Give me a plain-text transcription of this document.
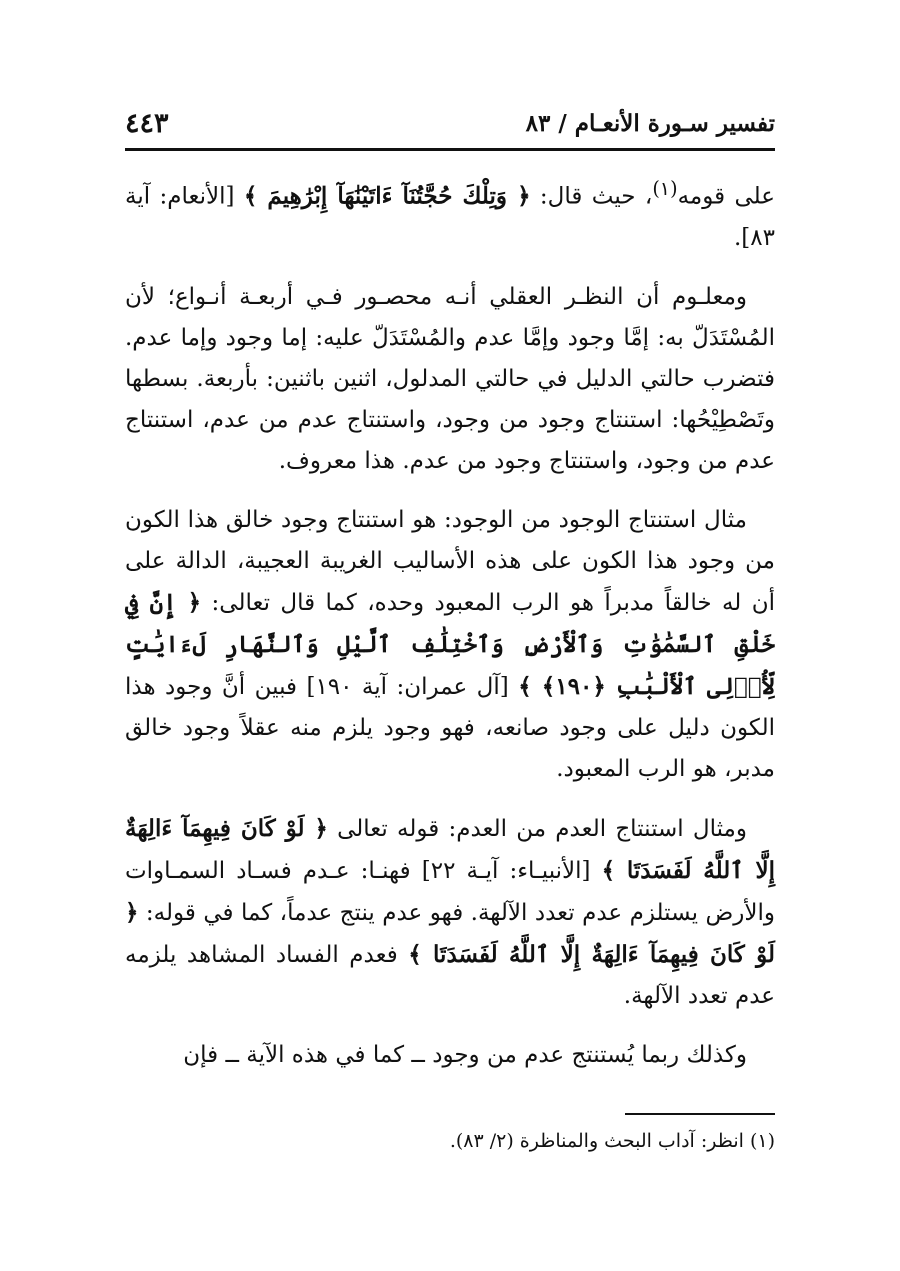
تفسير سـورة الأنعـام / ٨٣
٤٤٣

على قومه$^{(١)}$، حيث قال: ﴿ وَتِلْكَ حُجَّتُنَآ ءَاتَيْنَٰهَآ إِبْرَٰهِيمَ ﴾ [الأنعام: آية ٨٣].

ومعلـوم أن النظـر العقلي أنـه محصـور فـي أربعـة أنـواع؛ لأن المُسْتَدَلّ به: إمَّا وجود وإمَّا عدم والمُسْتَدَلّ عليه: إما وجود وإما عدم. فتضرب حالتي الدليل في حالتي المدلول، اثنين باثنين: بأربعة. بسطها وتَصْطِيْحُها: استنتاج وجود من وجود، واستنتاج عدم من عدم، استنتاج عدم من وجود، واستنتاج وجود من عدم. هذا معروف.

مثال استنتاج الوجود من الوجود: هو استنتاج وجود خالق هذا الكون من وجود هذا الكون على هذه الأساليب الغريبة العجيبة، الدالة على أن له خالقاً مدبراً هو الرب المعبود وحده، كما قال تعالى: ﴿ إِنَّ فِي خَلْقِ ٱلسَّمَٰوَٰتِ وَٱلْأَرْضِ وَٱخْتِلَٰفِ ٱلَّيْلِ وَٱلنَّهَارِ لَءَايَٰتٍ لِّأُو۟لِى ٱلْأَلْبَٰبِ ﴿١٩٠﴾ ﴾ [آل عمران: آية ١٩٠] فبين أنَّ وجود هذا الكون دليل على وجود صانعه، فهو وجود يلزم منه عقلاً وجود خالق مدبر، هو الرب المعبود.

ومثال استنتاج العدم من العدم: قوله تعالى ﴿ لَوْ كَانَ فِيهِمَآ ءَالِهَةٌ إِلَّا ٱللَّهُ لَفَسَدَتَا ﴾ [الأنبيـاء: آيـة ٢٢] فهنـا: عـدم فسـاد السمـاوات والأرض يستلزم عدم تعدد الآلهة. فهو عدم ينتج عدماً، كما في قوله: ﴿ لَوْ كَانَ فِيهِمَآ ءَالِهَةٌ إِلَّا ٱللَّهُ لَفَسَدَتَا ﴾ فعدم الفساد المشاهد يلزمه عدم تعدد الآلهة.

وكذلك ربما يُستنتج عدم من وجود ــ كما في هذه الآية ــ فإن

(١) انظر: آداب البحث والمناظرة (٢/ ٨٣).
